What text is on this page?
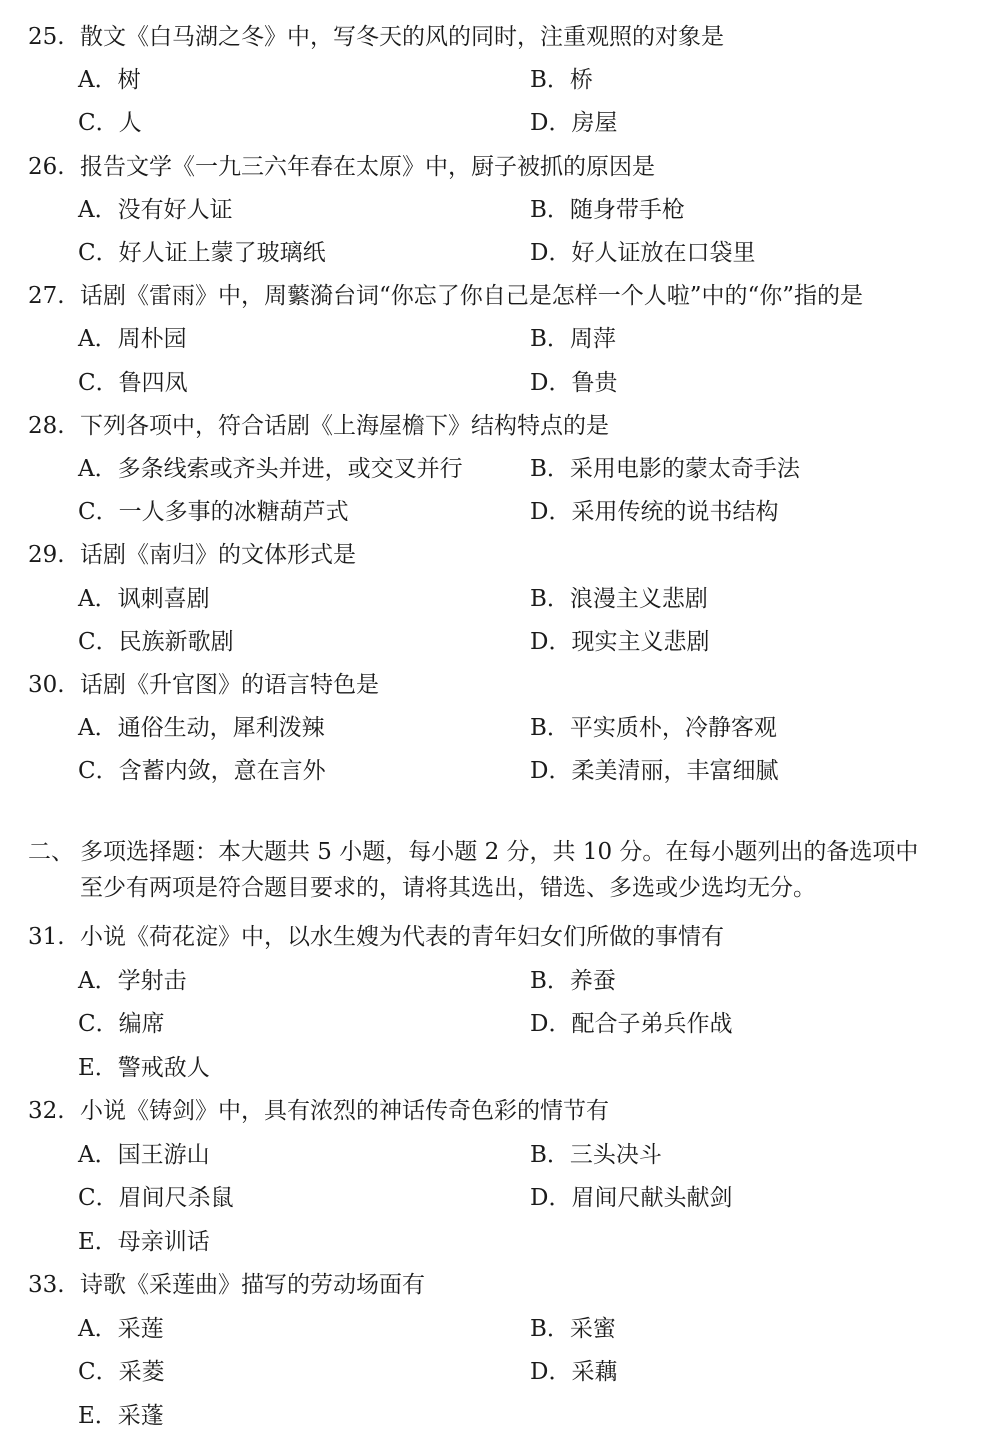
25. 散文《白马湖之冬》中，写冬天的风的同时，注重观照的对象是
A．树	B．桥
C．人	D．房屋
26. 报告文学《一九三六年春在太原》中，厨子被抓的原因是
A．没有好人证	B．随身带手枪
C．好人证上蒙了玻璃纸	D．好人证放在口袋里
27. 话剧《雷雨》中，周蘩漪台词“你忘了你自己是怎样一个人啦”中的“你”指的是
A．周朴园	B．周萍
C．鲁四凤	D．鲁贵
28. 下列各项中，符合话剧《上海屋檐下》结构特点的是
A．多条线索或齐头并进，或交叉并行	B．采用电影的蒙太奇手法
C．一人多事的冰糖葫芦式	D．采用传统的说书结构
29. 话剧《南归》的文体形式是
A．讽刺喜剧	B．浪漫主义悲剧
C．民族新歌剧	D．现实主义悲剧
30. 话剧《升官图》的语言特色是
A．通俗生动，犀利泼辣	B．平实质朴，冷静客观
C．含蓄内敛，意在言外	D．柔美清丽，丰富细腻
二、 多项选择题：本大题共 5 小题，每小题 2 分，共 10 分。在每小题列出的备选项中
至少有两项是符合题目要求的，请将其选出，错选、多选或少选均无分。
31. 小说《荷花淀》中，以水生嫂为代表的青年妇女们所做的事情有
A．学射击	B．养蚕
C．编席	D．配合子弟兵作战
E．警戒敌人
32. 小说《铸剑》中，具有浓烈的神话传奇色彩的情节有
A．国王游山	B．三头决斗
C．眉间尺杀鼠	D．眉间尺献头献剑
E．母亲训话
33. 诗歌《采莲曲》描写的劳动场面有
A．采莲	B．采蜜
C．采菱	D．采藕
E．采蓬
